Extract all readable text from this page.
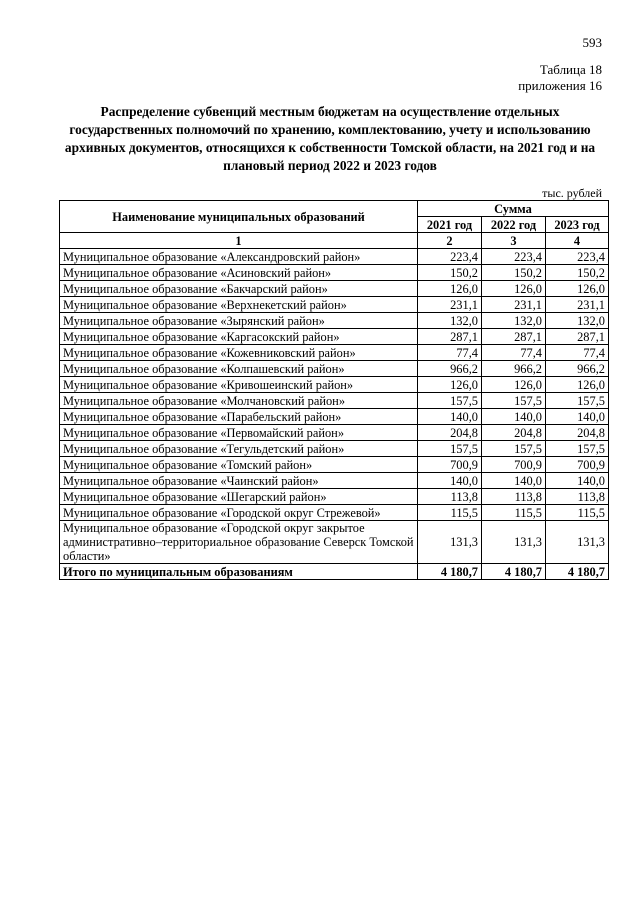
593
Таблица 18
приложения 16
Распределение субвенций местным бюджетам на осуществление отдельных государственных полномочий по хранению, комплектованию, учету и использованию архивных документов, относящихся к собственности Томской области, на 2021 год и на плановый период 2022 и 2023 годов
тыс. рублей
Наименование муниципальных образований	Сумма		
	2021 год	2022 год	2023 год
1	2	3	4
Муниципальное образование «Александровский район»	223,4	223,4	223,4
Муниципальное образование «Асиновский район»	150,2	150,2	150,2
Муниципальное образование «Бакчарский район»	126,0	126,0	126,0
Муниципальное образование «Верхнекетский район»	231,1	231,1	231,1
Муниципальное образование «Зырянский район»	132,0	132,0	132,0
Муниципальное образование «Каргасокский район»	287,1	287,1	287,1
Муниципальное образование «Кожевниковский район»	77,4	77,4	77,4
Муниципальное образование «Колпашевский район»	966,2	966,2	966,2
Муниципальное образование «Кривошеинский район»	126,0	126,0	126,0
Муниципальное образование «Молчановский район»	157,5	157,5	157,5
Муниципальное образование «Парабельский район»	140,0	140,0	140,0
Муниципальное образование «Первомайский район»	204,8	204,8	204,8
Муниципальное образование «Тегульдетский район»	157,5	157,5	157,5
Муниципальное образование «Томский район»	700,9	700,9	700,9
Муниципальное образование «Чаинский район»	140,0	140,0	140,0
Муниципальное образование «Шегарский район»	113,8	113,8	113,8
Муниципальное образование «Городской округ Стрежевой»	115,5	115,5	115,5
Муниципальное образование «Городской округ закрытое административно–территориальное образование Северск Томской области»	131,3	131,3	131,3
Итого по муниципальным образованиям	4 180,7	4 180,7	4 180,7
